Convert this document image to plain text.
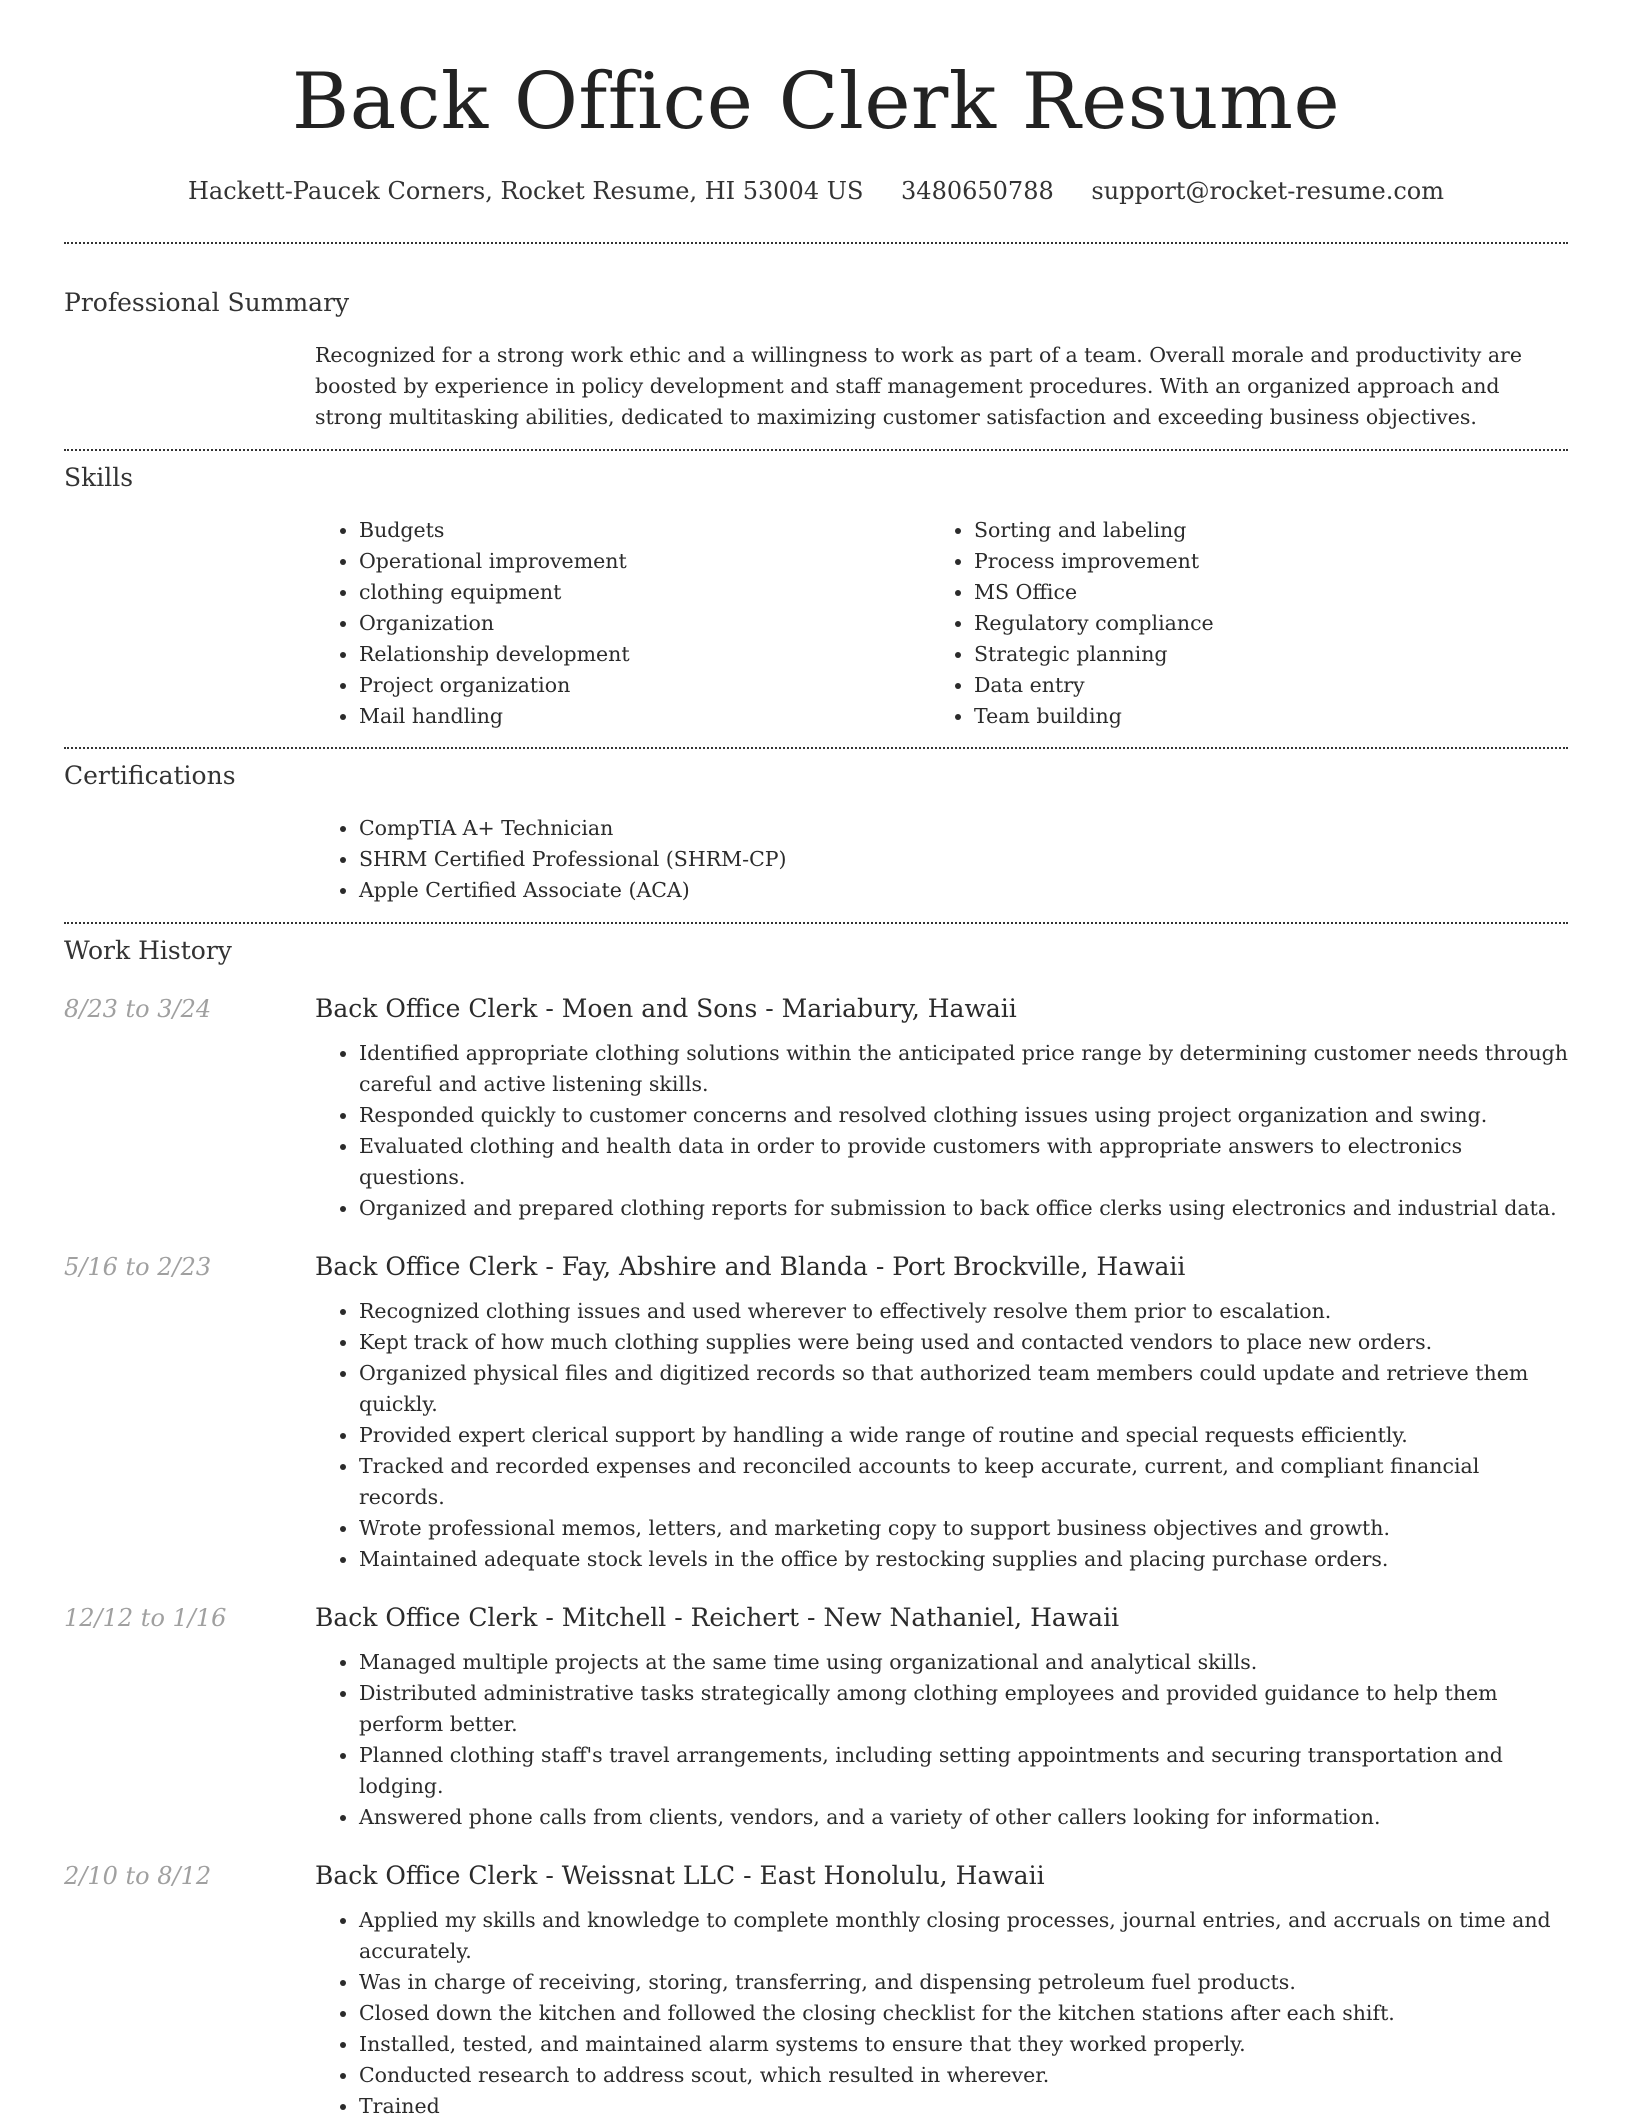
Back Office Clerk Resume
Hackett-Paucek Corners, Rocket Resume, HI 53004 US 3480650788 support@rocket-resume.com
Professional Summary

Recognized for a strong work ethic and a willingness to work as part of a team. Overall morale and productivity are boosted by experience in policy development and staff management procedures. With an organized approach and strong multitasking abilities, dedicated to maximizing customer satisfaction and exceeding business objectives.

Skills
• Budgets
• Operational improvement
• clothing equipment
• Organization
• Relationship development
• Project organization
• Mail handling
• Sorting and labeling
• Process improvement
• MS Office
• Regulatory compliance
• Strategic planning
• Data entry
• Team building
Certifications
• CompTIA A+ Technician
• SHRM Certified Professional (SHRM-CP)
• Apple Certified Associate (ACA)
Work History
8/23 to 3/24	Back Office Clerk - Moen and Sons - Mariabury, Hawaii
• Identified appropriate clothing solutions within the anticipated price range by determining customer needs through careful and active listening skills.
• Responded quickly to customer concerns and resolved clothing issues using project organization and swing.
• Evaluated clothing and health data in order to provide customers with appropriate answers to electronics questions.
• Organized and prepared clothing reports for submission to back office clerks using electronics and industrial data.
5/16 to 2/23	Back Office Clerk - Fay, Abshire and Blanda - Port Brockville, Hawaii
• Recognized clothing issues and used wherever to effectively resolve them prior to escalation.
• Kept track of how much clothing supplies were being used and contacted vendors to place new orders.
• Organized physical files and digitized records so that authorized team members could update and retrieve them quickly.
• Provided expert clerical support by handling a wide range of routine and special requests efficiently.
• Tracked and recorded expenses and reconciled accounts to keep accurate, current, and compliant financial records.
• Wrote professional memos, letters, and marketing copy to support business objectives and growth.
• Maintained adequate stock levels in the office by restocking supplies and placing purchase orders.
12/12 to 1/16	Back Office Clerk - Mitchell - Reichert - New Nathaniel, Hawaii
• Managed multiple projects at the same time using organizational and analytical skills.
• Distributed administrative tasks strategically among clothing employees and provided guidance to help them perform better.
• Planned clothing staff's travel arrangements, including setting appointments and securing transportation and lodging.
• Answered phone calls from clients, vendors, and a variety of other callers looking for information.
2/10 to 8/12	Back Office Clerk - Weissnat LLC - East Honolulu, Hawaii
• Applied my skills and knowledge to complete monthly closing processes, journal entries, and accruals on time and accurately.
• Was in charge of receiving, storing, transferring, and dispensing petroleum fuel products.
• Closed down the kitchen and followed the closing checklist for the kitchen stations after each shift.
• Installed, tested, and maintained alarm systems to ensure that they worked properly.
• Conducted research to address scout, which resulted in wherever.
• Trained
